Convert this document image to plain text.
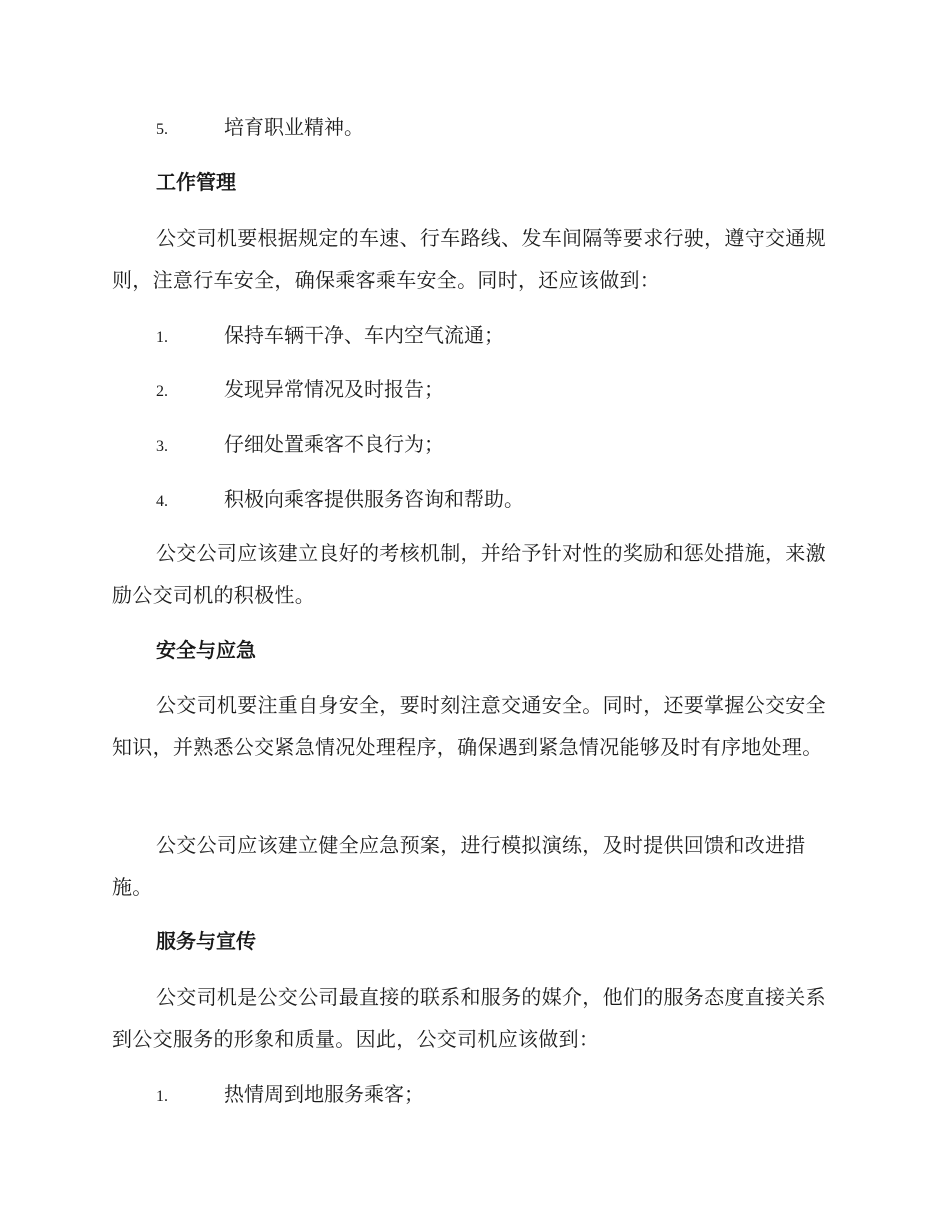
5.	培育职业精神。
工作管理
公交司机要根据规定的车速、行车路线、发车间隔等要求行驶，遵守交通规则，注意行车安全，确保乘客乘车安全。同时，还应该做到：
1.	保持车辆干净、车内空气流通；
2.	发现异常情况及时报告；
3.	仔细处置乘客不良行为；
4.	积极向乘客提供服务咨询和帮助。
公交公司应该建立良好的考核机制，并给予针对性的奖励和惩处措施，来激励公交司机的积极性。
安全与应急
公交司机要注重自身安全，要时刻注意交通安全。同时，还要掌握公交安全知识，并熟悉公交紧急情况处理程序，确保遇到紧急情况能够及时有序地处理。
公交公司应该建立健全应急预案，进行模拟演练，及时提供回馈和改进措施。
服务与宣传
公交司机是公交公司最直接的联系和服务的媒介，他们的服务态度直接关系到公交服务的形象和质量。因此，公交司机应该做到：
1.	热情周到地服务乘客；
